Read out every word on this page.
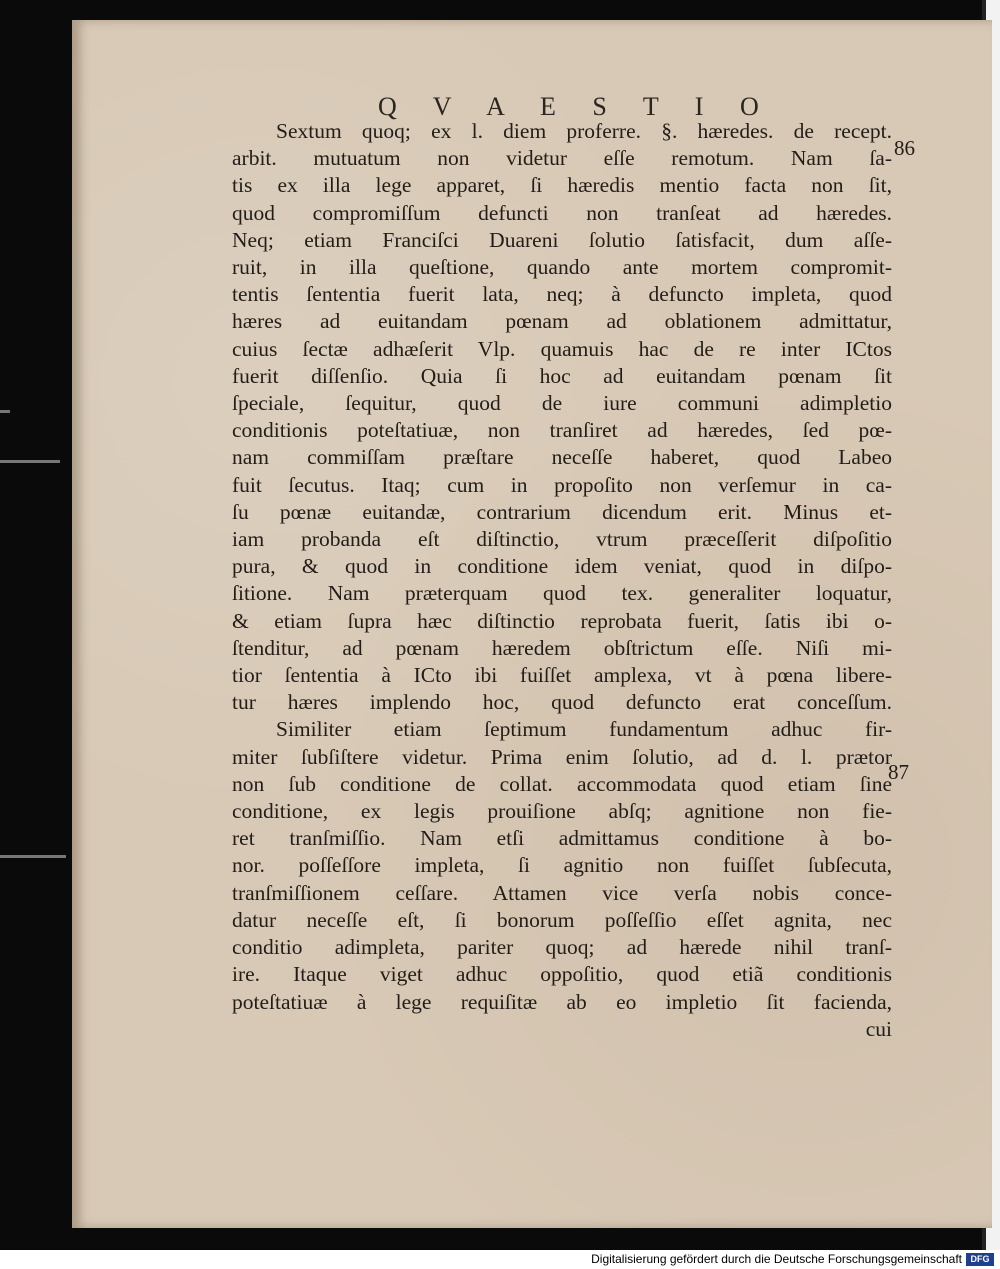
Q V A E S T I O
86
87
Sextum quoq; ex l. diem proferre. §. hæredes. de recept.
arbit. mutuatum non videtur eſſe remotum. Nam ſa-
tis ex illa lege apparet, ſi hæredis mentio facta non ſit,
quod compromiſſum defuncti non tranſeat ad hæredes.
Neq; etiam Franciſci Duareni ſolutio ſatisfacit, dum aſſe-
ruit, in illa queſtione, quando ante mortem compromit-
tentis ſententia fuerit lata, neq; à defuncto impleta, quod
hæres ad euitandam pœnam ad oblationem admittatur,
cuius ſectæ adhæſerit Vlp. quamuis hac de re inter ICtos
fuerit diſſenſio. Quia ſi hoc ad euitandam pœnam ſit
ſpeciale, ſequitur, quod de iure communi adimpletio
conditionis poteſtatiuæ, non tranſiret ad hæredes, ſed pœ-
nam commiſſam præſtare neceſſe haberet, quod Labeo
fuit ſecutus. Itaq; cum in propoſito non verſemur in ca-
ſu pœnæ euitandæ, contrarium dicendum erit. Minus et-
iam probanda eſt diſtinctio, vtrum præceſſerit diſpoſitio
pura, & quod in conditione idem veniat, quod in diſpo-
ſitione. Nam præterquam quod tex. generaliter loquatur,
& etiam ſupra hæc diſtinctio reprobata fuerit, ſatis ibi o-
ſtenditur, ad pœnam hæredem obſtrictum eſſe. Niſi mi-
tior ſententia à ICto ibi fuiſſet amplexa, vt à pœna libere-
tur hæres implendo hoc, quod defuncto erat conceſſum.
Similiter etiam ſeptimum fundamentum adhuc fir-
miter ſubſiſtere videtur. Prima enim ſolutio, ad d. l. prætor
non ſub conditione de collat. accommodata quod etiam ſine
conditione, ex legis prouiſione abſq; agnitione non fie-
ret tranſmiſſio. Nam etſi admittamus conditione à bo-
nor. poſſeſſore impleta, ſi agnitio non fuiſſet ſubſecuta,
tranſmiſſionem ceſſare. Attamen vice verſa nobis conce-
datur neceſſe eſt, ſi bonorum poſſeſſio eſſet agnita, nec
conditio adimpleta, pariter quoq; ad hærede nihil tranſ-
ire. Itaque viget adhuc oppoſitio, quod etiã conditionis
poteſtatiuæ à lege requiſitæ ab eo impletio ſit facienda,
cui
Digitalisierung gefördert durch die Deutsche Forschungsgemeinschaft DFG
